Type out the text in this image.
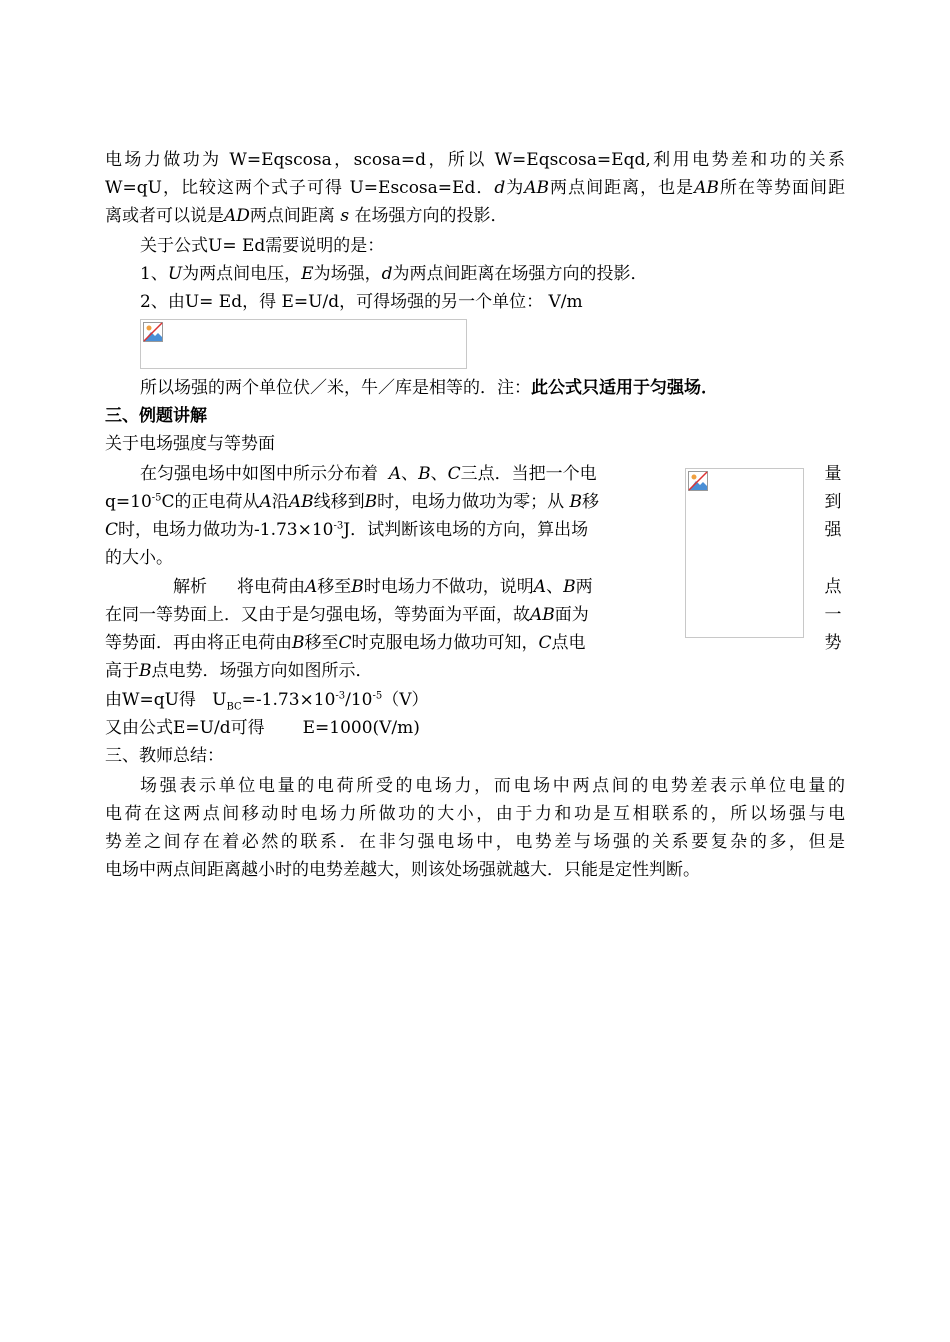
电场力做功为 W=Eqscosa，scosa=d，所以 W=Eqscosa=Eqd,利用电势差和功的关系
W=qU，比较这两个式子可得 U=Escosa=Ed．d为AB两点间距离，也是AB所在等势面间距
离或者可以说是AD两点间距离 s 在场强方向的投影．
关于公式U= Ed需要说明的是：
1、U为两点间电压，E为场强，d为两点间距离在场强方向的投影．
2、由U= Ed，得 E=U/d，可得场强的另一个单位： V/m
所以场强的两个单位伏／米，牛／库是相等的．注：此公式只适用于匀强场．
三、例题讲解
关于电场强度与等势面
在匀强电场中如图中所示分布着 A、B、C三点．当把一个电
$q=10^{-5}C$的正电荷从A沿AB线移到B时，电场力做功为零；从 B移
C时，电场力做功为$-1.73\times 10^{-3}J$．试判断该电场的方向，算出场
的大小。
解析 将电荷由A移至B时电场力不做功，说明A、B两
在同一等势面上．又由于是匀强电场，等势面为平面，故AB面为
等势面．再由将正电荷由B移至C时克服电场力做功可知，C点电
高于B点电势．场强方向如图所示．
量
到
强
点
一
势
由W=qU得 $U_{BC}=-1.73\times 10^{-3}/10^{-5}(V)$
又由公式E=U/d可得 E=1000(V/m)
三、教师总结：
场强表示单位电量的电荷所受的电场力，而电场中两点间的电势差表示单位电量的
电荷在这两点间移动时电场力所做功的大小，由于力和功是互相联系的，所以场强与电
势差之间存在着必然的联系．在非匀强电场中，电势差与场强的关系要复杂的多，但是
电场中两点间距离越小时的电势差越大，则该处场强就越大．只能是定性判断。
